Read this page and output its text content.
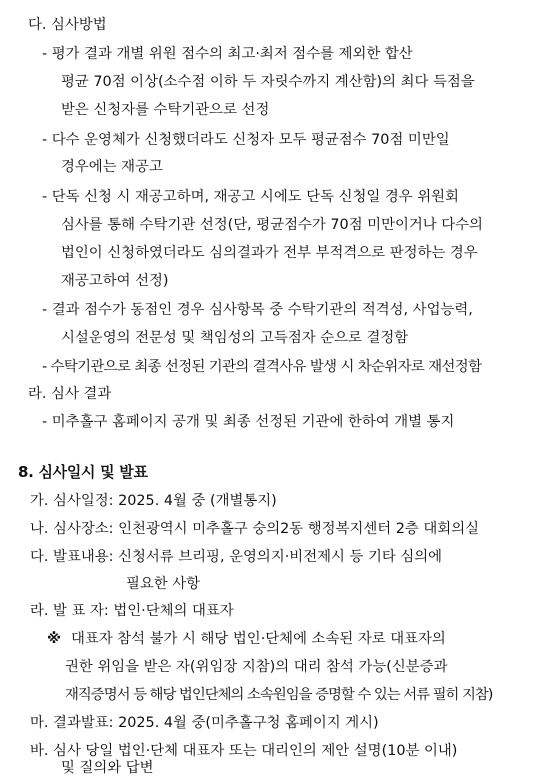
다. 심사방법
- 평가 결과 개별 위원 점수의 최고·최저 점수를 제외한 합산
평균 70점 이상(소수점 이하 두 자릿수까지 계산함)의 최다 득점을
받은 신청자를 수탁기관으로 선정
- 다수 운영체가 신청했더라도 신청자 모두 평균점수 70점 미만일
경우에는 재공고
- 단독 신청 시 재공고하며, 재공고 시에도 단독 신청일 경우 위원회
심사를 통해 수탁기관 선정(단, 평균점수가 70점 미만이거나 다수의
법인이 신청하였더라도 심의결과가 전부 부적격으로 판정하는 경우
재공고하여 선정)
- 결과 점수가 동점인 경우 심사항목 중 수탁기관의 적격성, 사업능력,
시설운영의 전문성 및 책임성의 고득점자 순으로 결정함
- 수탁기관으로 최종 선정된 기관의 결격사유 발생 시 차순위자로 재선정함
라. 심사 결과
- 미추홀구 홈페이지 공개 및 최종 선정된 기관에 한하여 개별 통지
8. 심사일시 및 발표
가. 심사일정: 2025. 4월 중 (개별통지)
나. 심사장소: 인천광역시 미추홀구 숭의2동 행정복지센터 2층 대회의실
다. 발표내용: 신청서류 브리핑, 운영의지·비전제시 등 기타 심의에
필요한 사항
라. 발 표 자: 법인·단체의 대표자
※ 대표자 참석 불가 시 해당 법인·단체에 소속된 자로 대표자의
권한 위임을 받은 자(위임장 지참)의 대리 참석 가능(신분증과
재직증명서 등 해당 법인단체의 소속원임을 증명할 수 있는 서류 필히 지참)
마. 결과발표: 2025. 4월 중(미추홀구청 홈페이지 게시)
바. 심사 당일 법인·단체 대표자 또는 대리인의 제안 설명(10분 이내)
및 질의와 답변
